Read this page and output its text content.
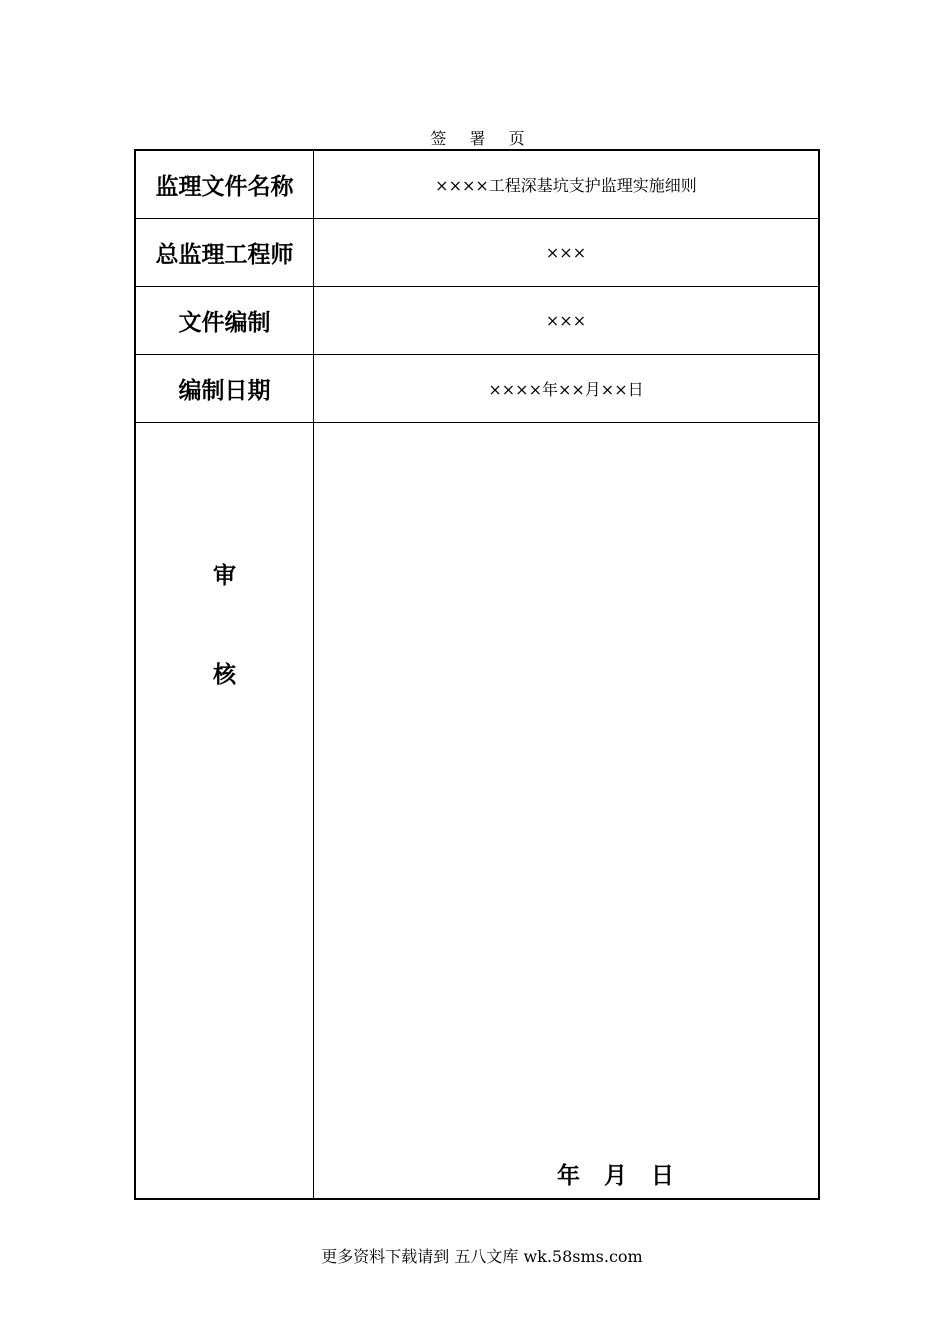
签 署 页
监理文件名称	××××工程深基坑支护监理实施细则
总监理工程师	×××
文件编制	×××
编制日期	××××年××月××日

审
核	年   月   日
更多资料下载请到 五八文库 wk.58sms.com
